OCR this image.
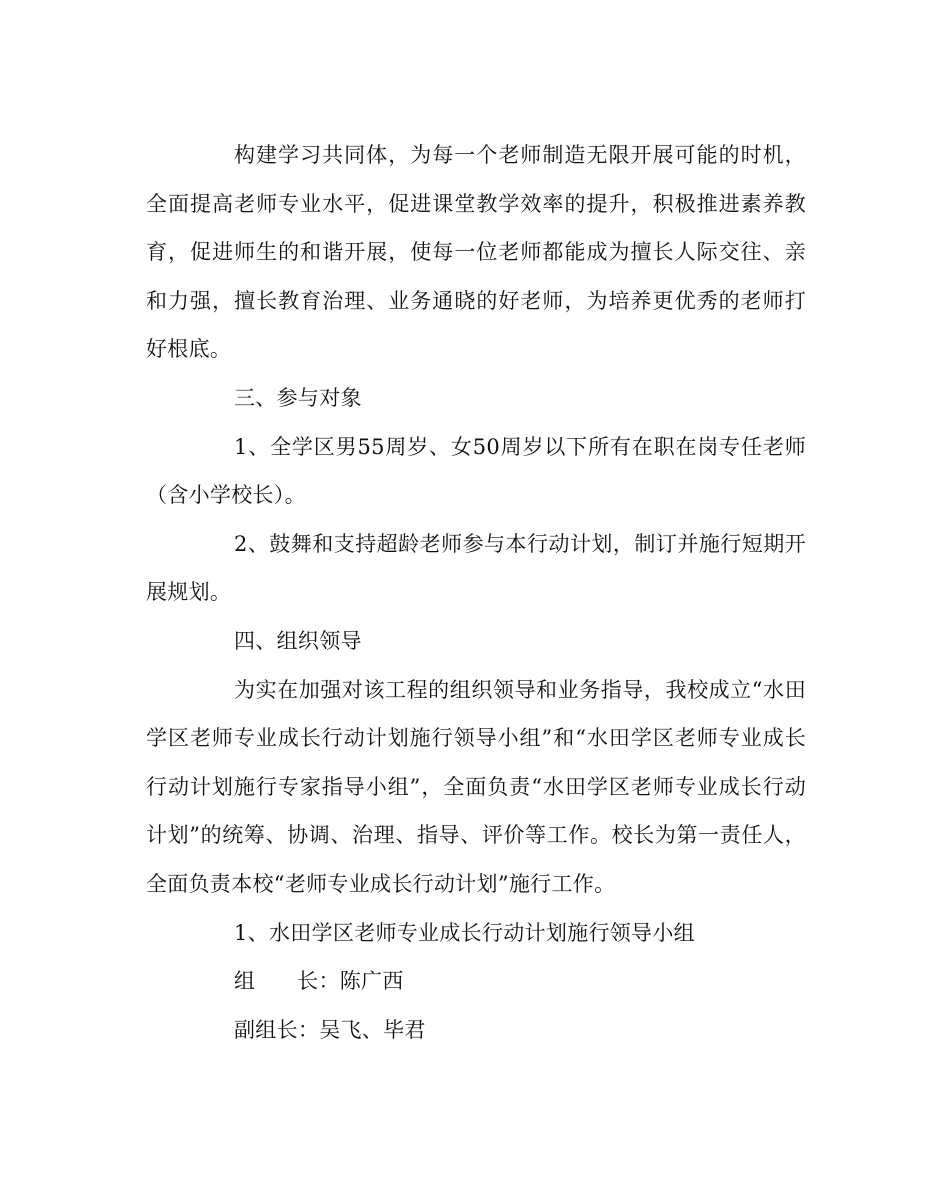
构建学习共同体，为每一个老师制造无限开展可能的时机，全面提高老师专业水平，促进课堂教学效率的提升，积极推进素养教育，促进师生的和谐开展，使每一位老师都能成为擅长人际交往、亲和力强，擅长教育治理、业务通晓的好老师，为培养更优秀的老师打好根底。

三、参与对象

1、全学区男55周岁、女50周岁以下所有在职在岗专任老师（含小学校长）。

2、鼓舞和支持超龄老师参与本行动计划，制订并施行短期开展规划。

四、组织领导

为实在加强对该工程的组织领导和业务指导，我校成立“水田学区老师专业成长行动计划施行领导小组”和“水田学区老师专业成长行动计划施行专家指导小组”，全面负责“水田学区老师专业成长行动计划”的统筹、协调、治理、指导、评价等工作。校长为第一责任人，全面负责本校“老师专业成长行动计划”施行工作。

1、水田学区老师专业成长行动计划施行领导小组

组      长：陈广西

副组长：吴飞、毕君
